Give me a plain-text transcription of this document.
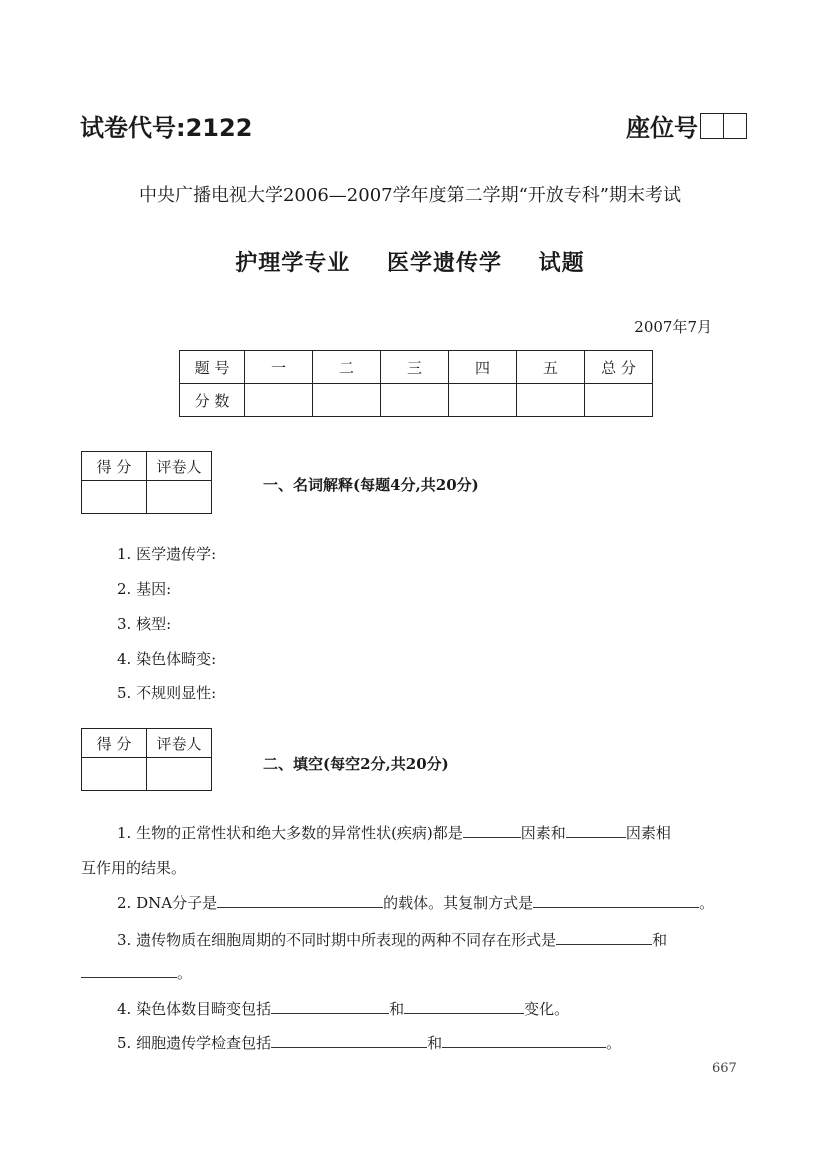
试卷代号:2122	座位号
中央广播电视大学2006—2007学年度第二学期“开放专科”期末考试
护理学专业 医学遗传学 试题
2007年7月
题 号	一	二	三	四	五	总 分
分 数						
得 分	评卷人

一、名词解释(每题4分,共20分)
1. 医学遗传学:
2. 基因:
3. 核型:
4. 染色体畸变:
5. 不规则显性:
得 分	评卷人

二、填空(每空2分,共20分)
1. 生物的正常性状和绝大多数的异常性状(疾病)都是	因素和	因素相
互作用的结果。
2. DNA分子是	的载体。其复制方式是	。
3. 遗传物质在细胞周期的不同时期中所表现的两种不同存在形式是	和
。
4. 染色体数目畸变包括	和	变化。
5. 细胞遗传学检查包括	和	。
667
